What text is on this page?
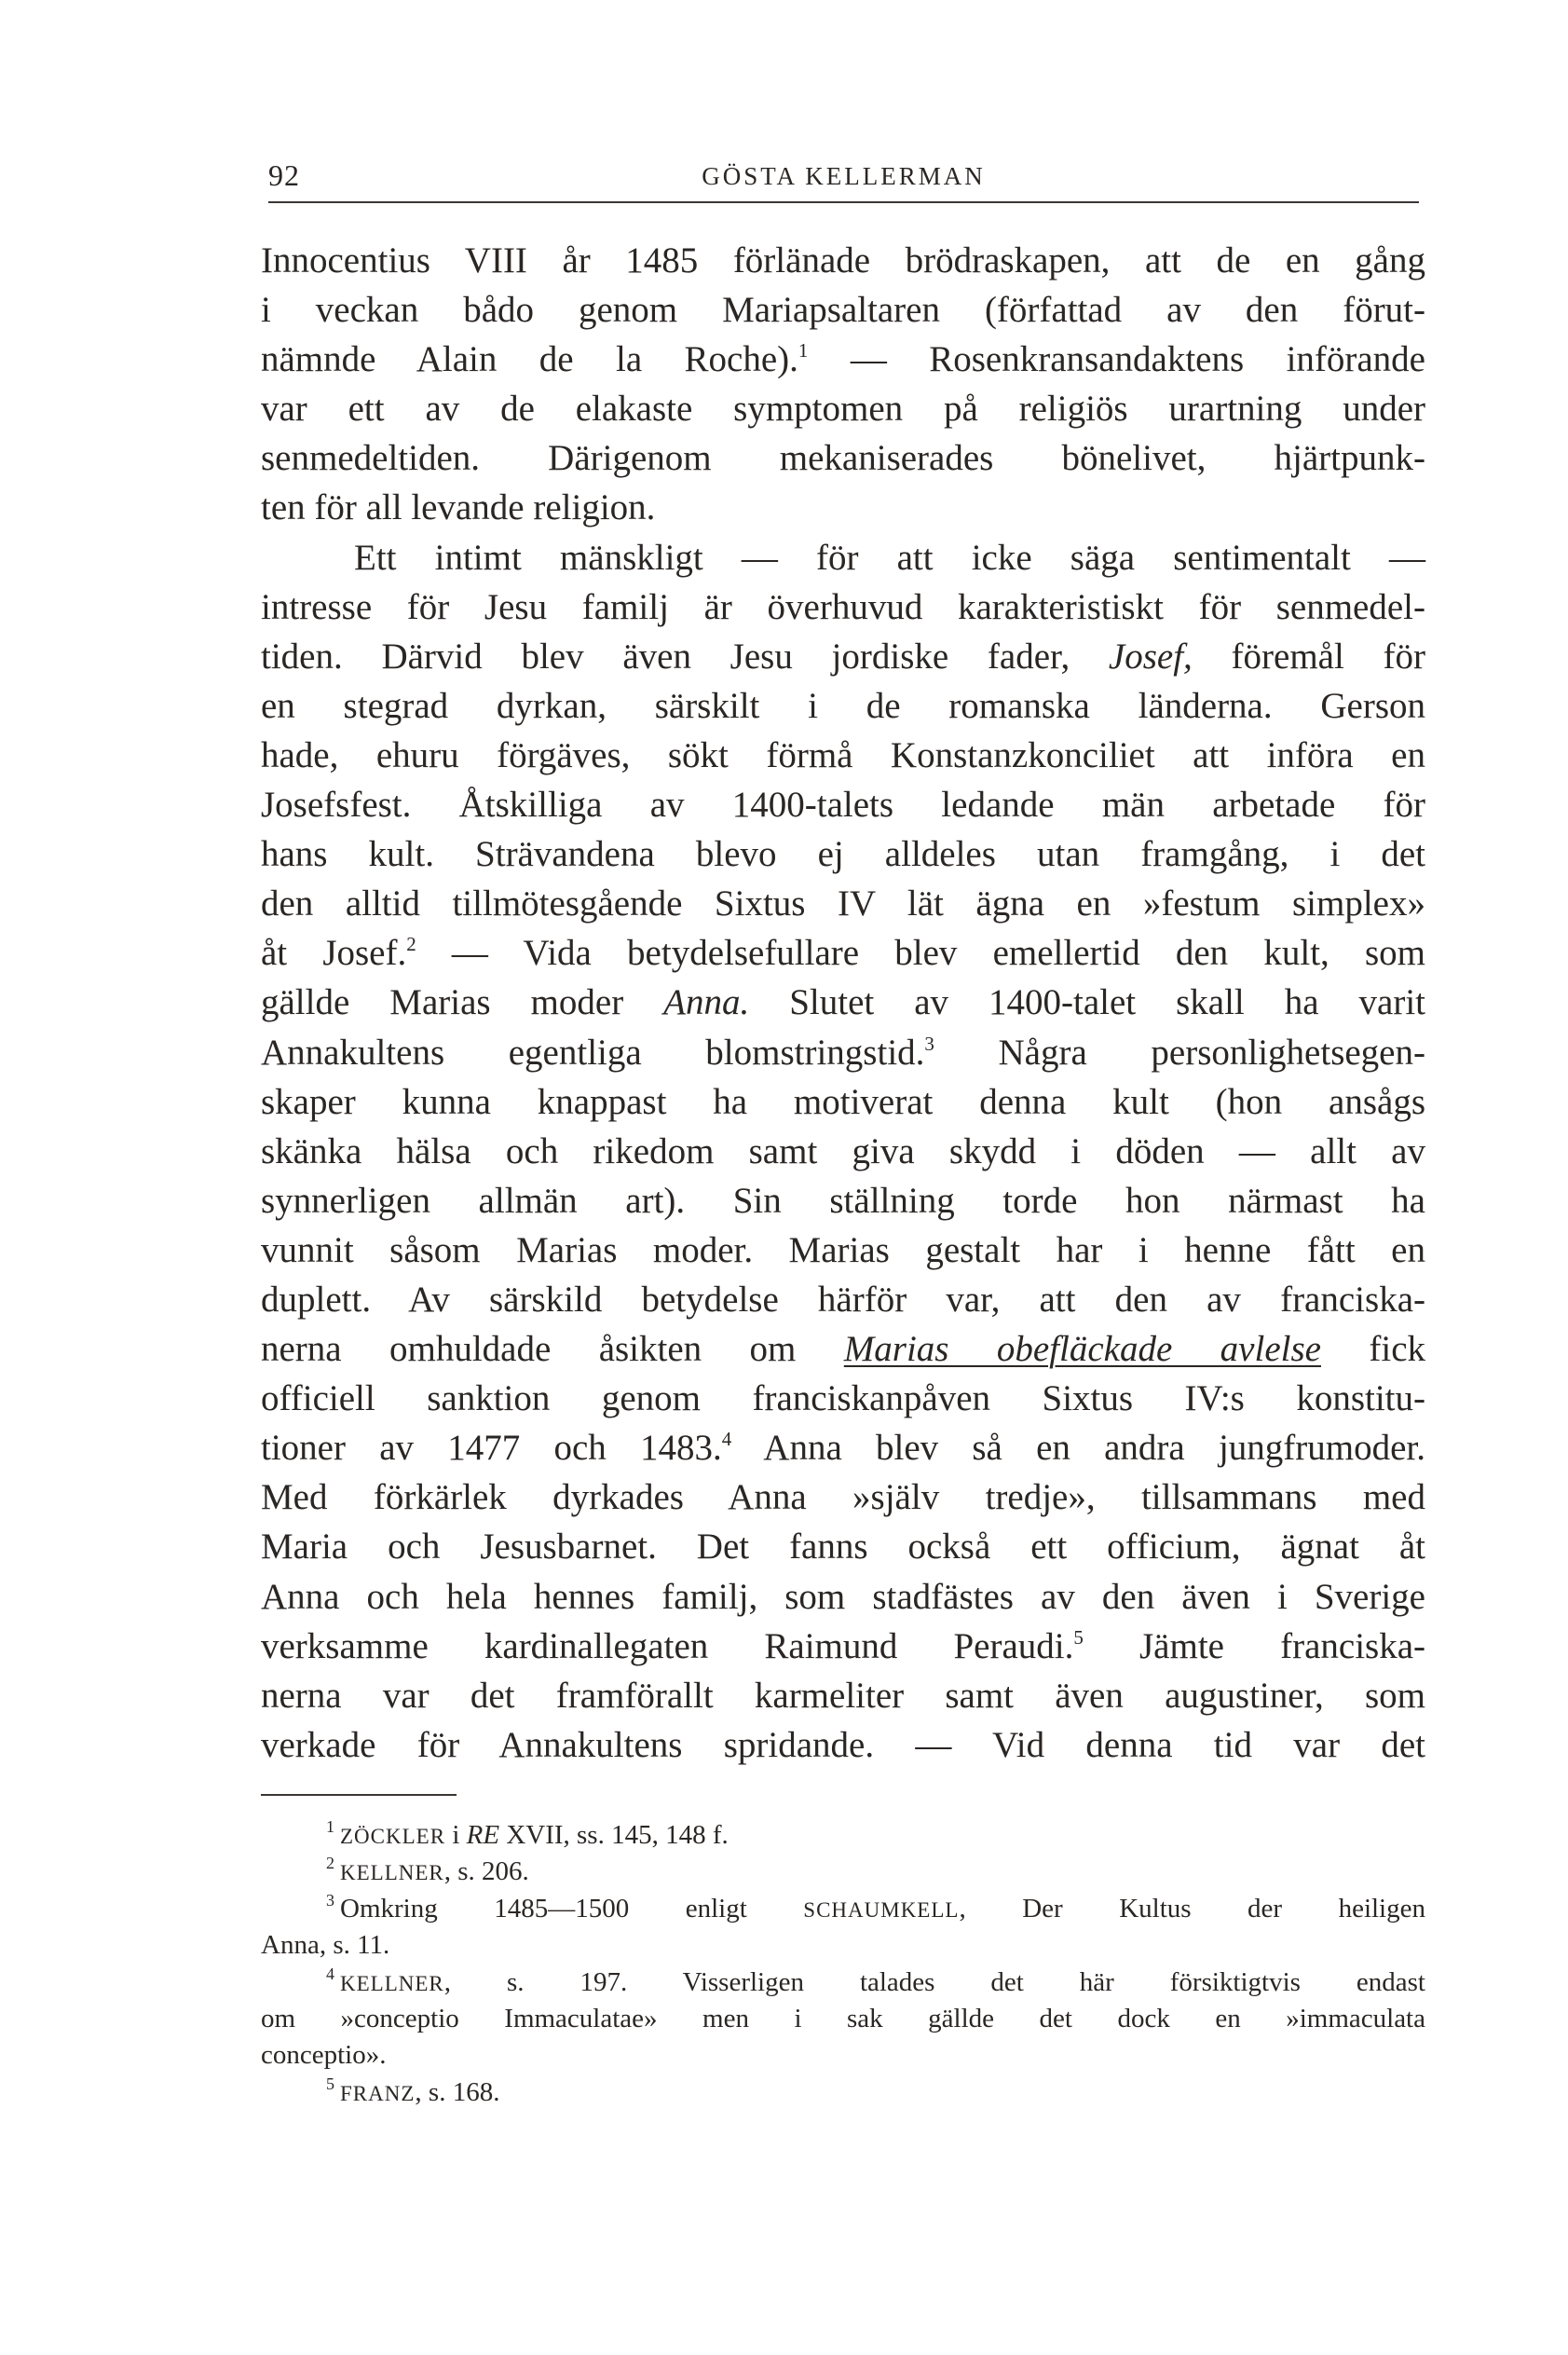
92	GÖSTA KELLERMAN
Innocentius VIII år 1485 förlänade brödraskapen, att de en gång
i veckan bådo genom Mariapsaltaren (författad av den förut-
nämnde Alain de la Roche).$^1$ — Rosenkransandaktens införande
var ett av de elakaste symptomen på religiös urartning under
senmedeltiden. Därigenom mekaniserades bönelivet, hjärtpunk-
ten för all levande religion.
Ett intimt mänskligt — för att icke säga sentimentalt —
intresse för Jesu familj är överhuvud karakteristiskt för senmedel-
tiden. Därvid blev även Jesu jordiske fader, Josef, föremål för
en stegrad dyrkan, särskilt i de romanska länderna. Gerson
hade, ehuru förgäves, sökt förmå Konstanzkonciliet att införa en
Josefsfest. Åtskilliga av 1400-talets ledande män arbetade för
hans kult. Strävandena blevo ej alldeles utan framgång, i det
den alltid tillmötesgående Sixtus IV lät ägna en »festum simplex»
åt Josef.$^2$ — Vida betydelsefullare blev emellertid den kult, som
gällde Marias moder Anna. Slutet av 1400-talet skall ha varit
Annakultens egentliga blomstringstid.$^3$ Några personlighetsegen-
skaper kunna knappast ha motiverat denna kult (hon ansågs
skänka hälsa och rikedom samt giva skydd i döden — allt av
synnerligen allmän art). Sin ställning torde hon närmast ha
vunnit såsom Marias moder. Marias gestalt har i henne fått en
duplett. Av särskild betydelse härför var, att den av franciska-
nerna omhuldade åsikten om Marias obefläckade avlelse fick
officiell sanktion genom franciskanpåven Sixtus IV:s konstitu-
tioner av 1477 och 1483.$^4$ Anna blev så en andra jungfrumoder.
Med förkärlek dyrkades Anna »själv tredje», tillsammans med
Maria och Jesusbarnet. Det fanns också ett officium, ägnat åt
Anna och hela hennes familj, som stadfästes av den även i Sverige
verksamme kardinallegaten Raimund Peraudi.$^5$ Jämte franciska-
nerna var det framförallt karmeliter samt även augustiner, som
verkade för Annakultens spridande. — Vid denna tid var det
$^1$ ZÖCKLER i RE XVII, ss. 145, 148 f.
$^2$ KELLNER, s. 206.
$^3$ Omkring 1485—1500 enligt SCHAUMKELL, Der Kultus der heiligen
Anna, s. 11.
$^4$ KELLNER, s. 197. Visserligen talades det här försiktigtvis endast
om »conceptio Immaculatae» men i sak gällde det dock en »immaculata
conceptio».
$^5$ FRANZ, s. 168.
